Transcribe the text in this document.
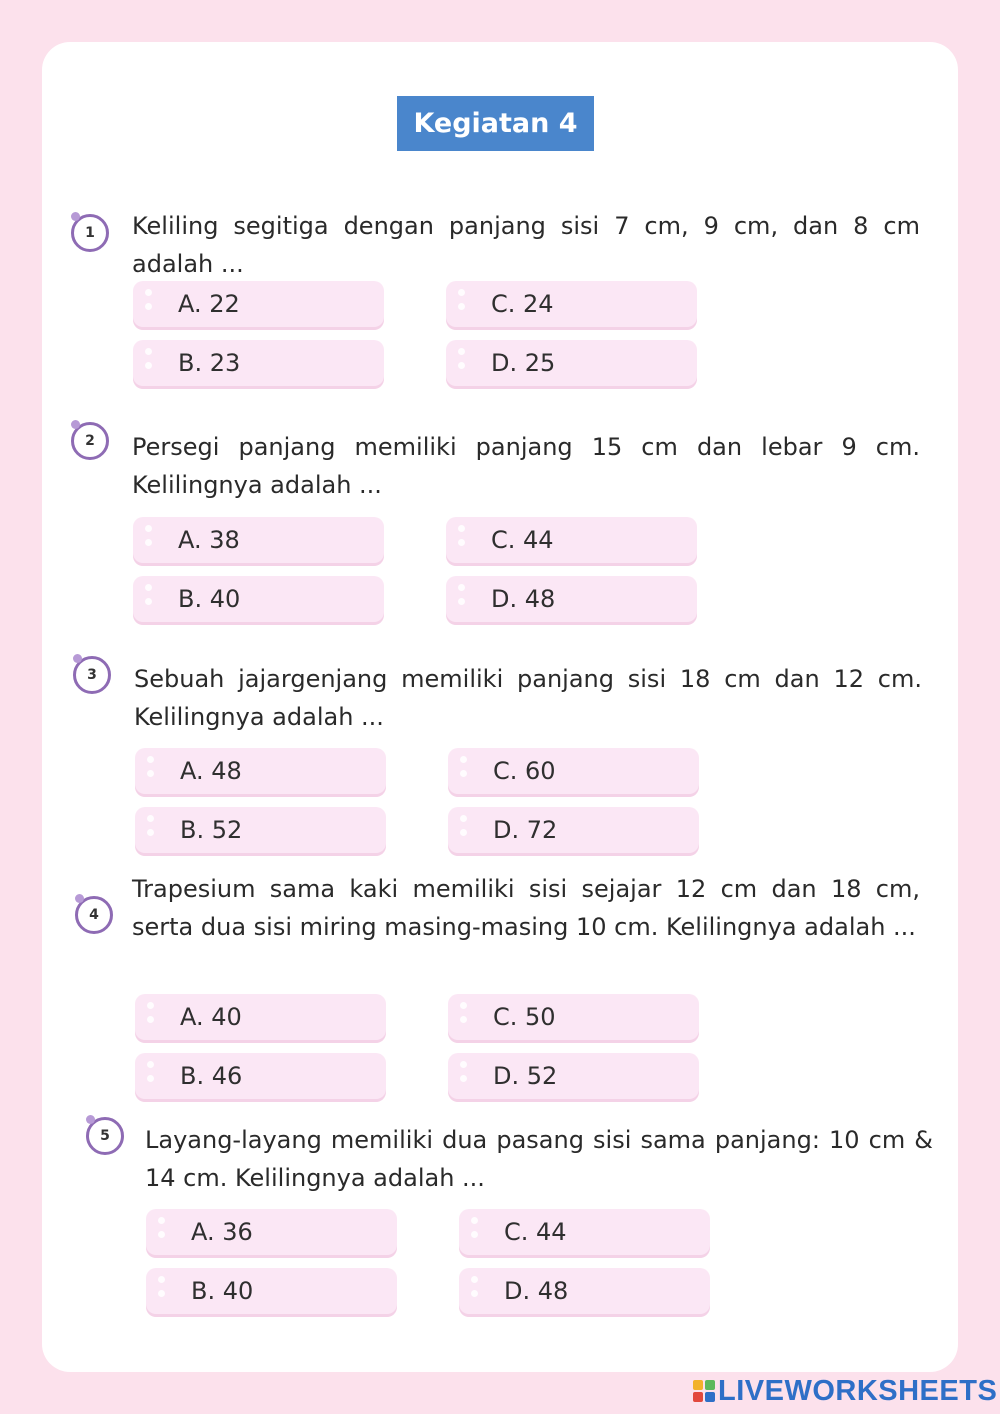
Kegiatan 4
1 Keliling segitiga dengan panjang sisi 7 cm, 9 cm, dan 8 cm adalah ...
A. 22	C. 24
B. 23	D. 25
2 Persegi panjang memiliki panjang 15 cm dan lebar 9 cm. Kelilingnya adalah ...
A. 38	C. 44
B. 40	D. 48
3 Sebuah jajargenjang memiliki panjang sisi 18 cm dan 12 cm. Kelilingnya adalah ...
A. 48	C. 60
B. 52	D. 72
4
Trapesium sama kaki memiliki sisi sejajar 12 cm dan 18 cm, serta dua sisi miring masing-masing 10 cm. Kelilingnya adalah ...
A. 40	C. 50
B. 46	D. 52
5 Layang-layang memiliki dua pasang sisi sama panjang: 10 cm & 14 cm. Kelilingnya adalah ...
A. 36	C. 44
B. 40	D. 48
LIVEWORKSHEETS
